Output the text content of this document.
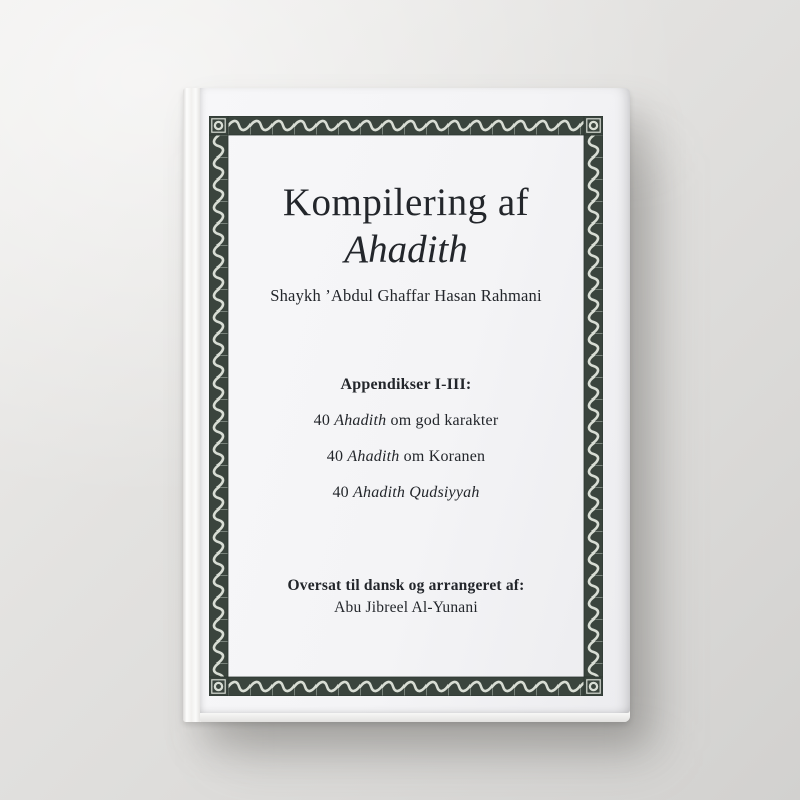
Kompilering af
Ahadith
Shaykh ’Abdul Ghaffar Hasan Rahmani
Appendikser I-III:
40 Ahadith om god karakter
40 Ahadith om Koranen
40 Ahadith Qudsiyyah
Oversat til dansk og arrangeret af:
Abu Jibreel Al-Yunani
